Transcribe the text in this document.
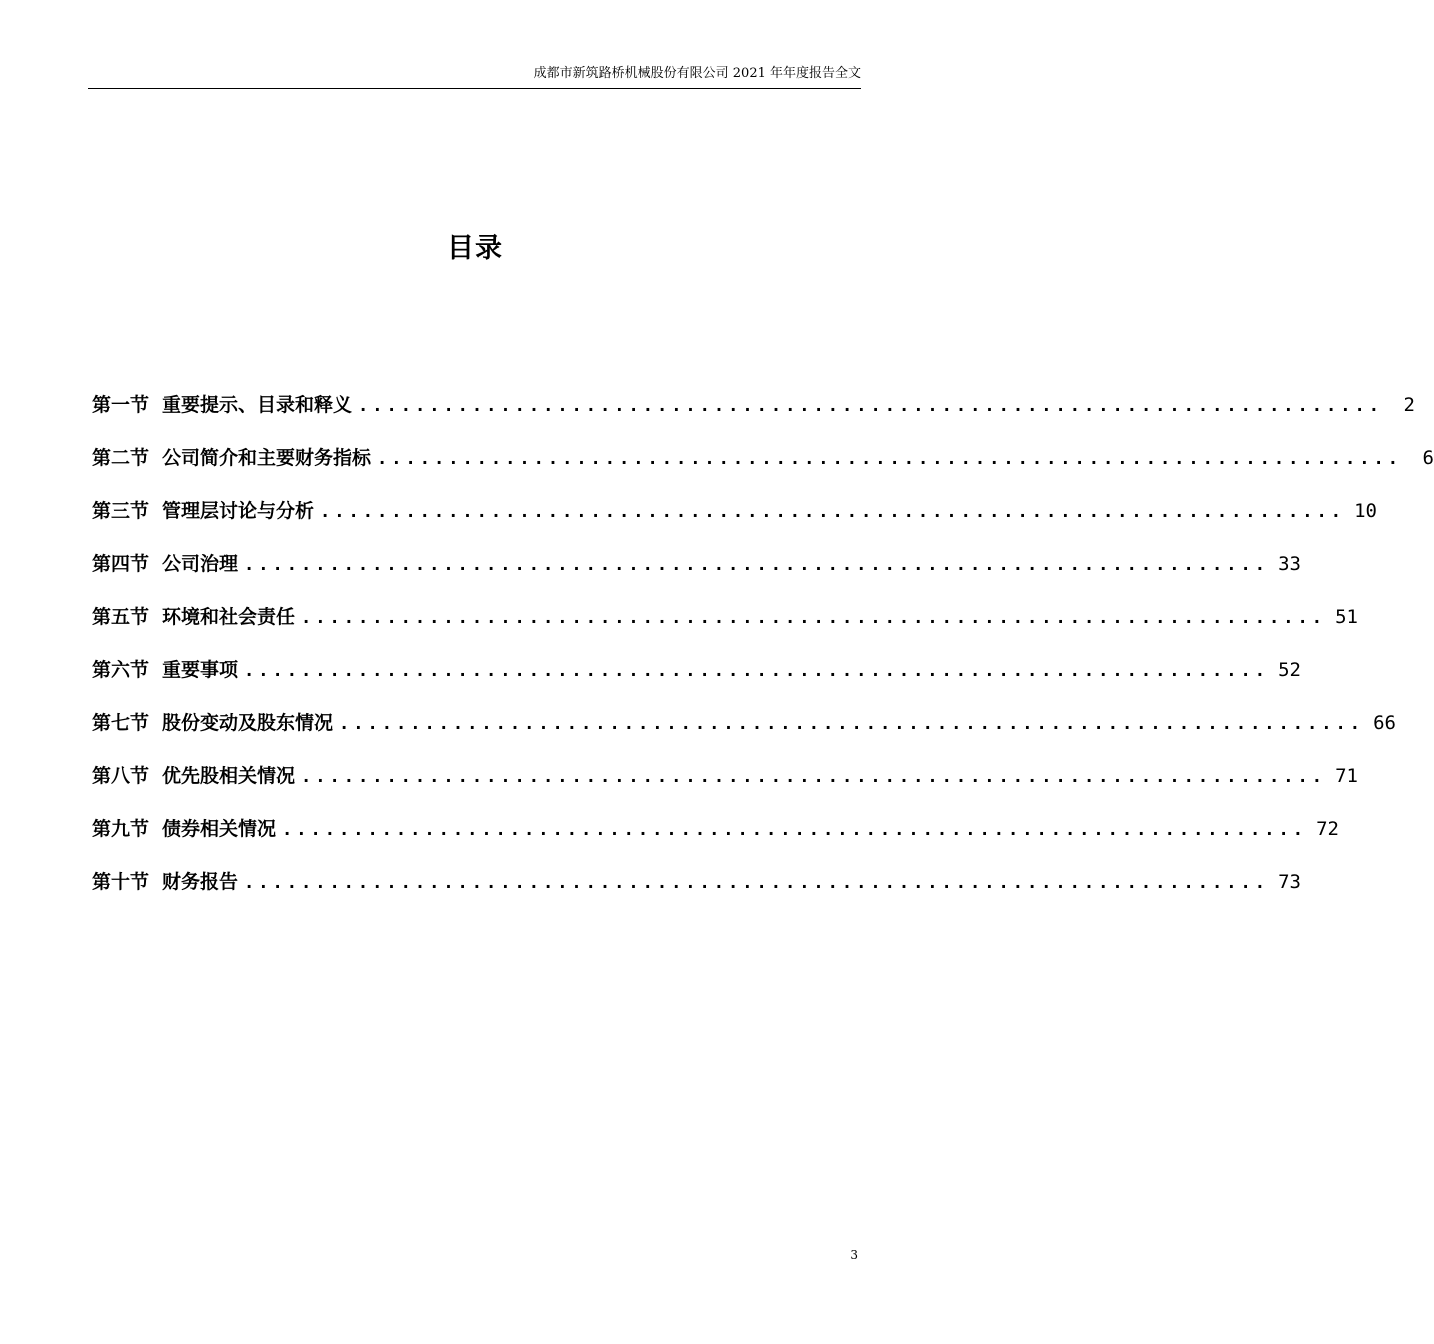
成都市新筑路桥机械股份有限公司 2021 年年度报告全文
目录
第一节 重要提示、目录和释义 ........................................................................	2
第二节 公司简介和主要财务指标 ........................................................................	6
第三节 管理层讨论与分析 ........................................................................ 10
第四节 公司治理 ........................................................................ 33
第五节 环境和社会责任 ........................................................................ 51
第六节 重要事项 ........................................................................ 52
第七节 股份变动及股东情况 ........................................................................ 66
第八节 优先股相关情况 ........................................................................ 71
第九节 债券相关情况 ........................................................................ 72
第十节 财务报告 ........................................................................ 73
3
